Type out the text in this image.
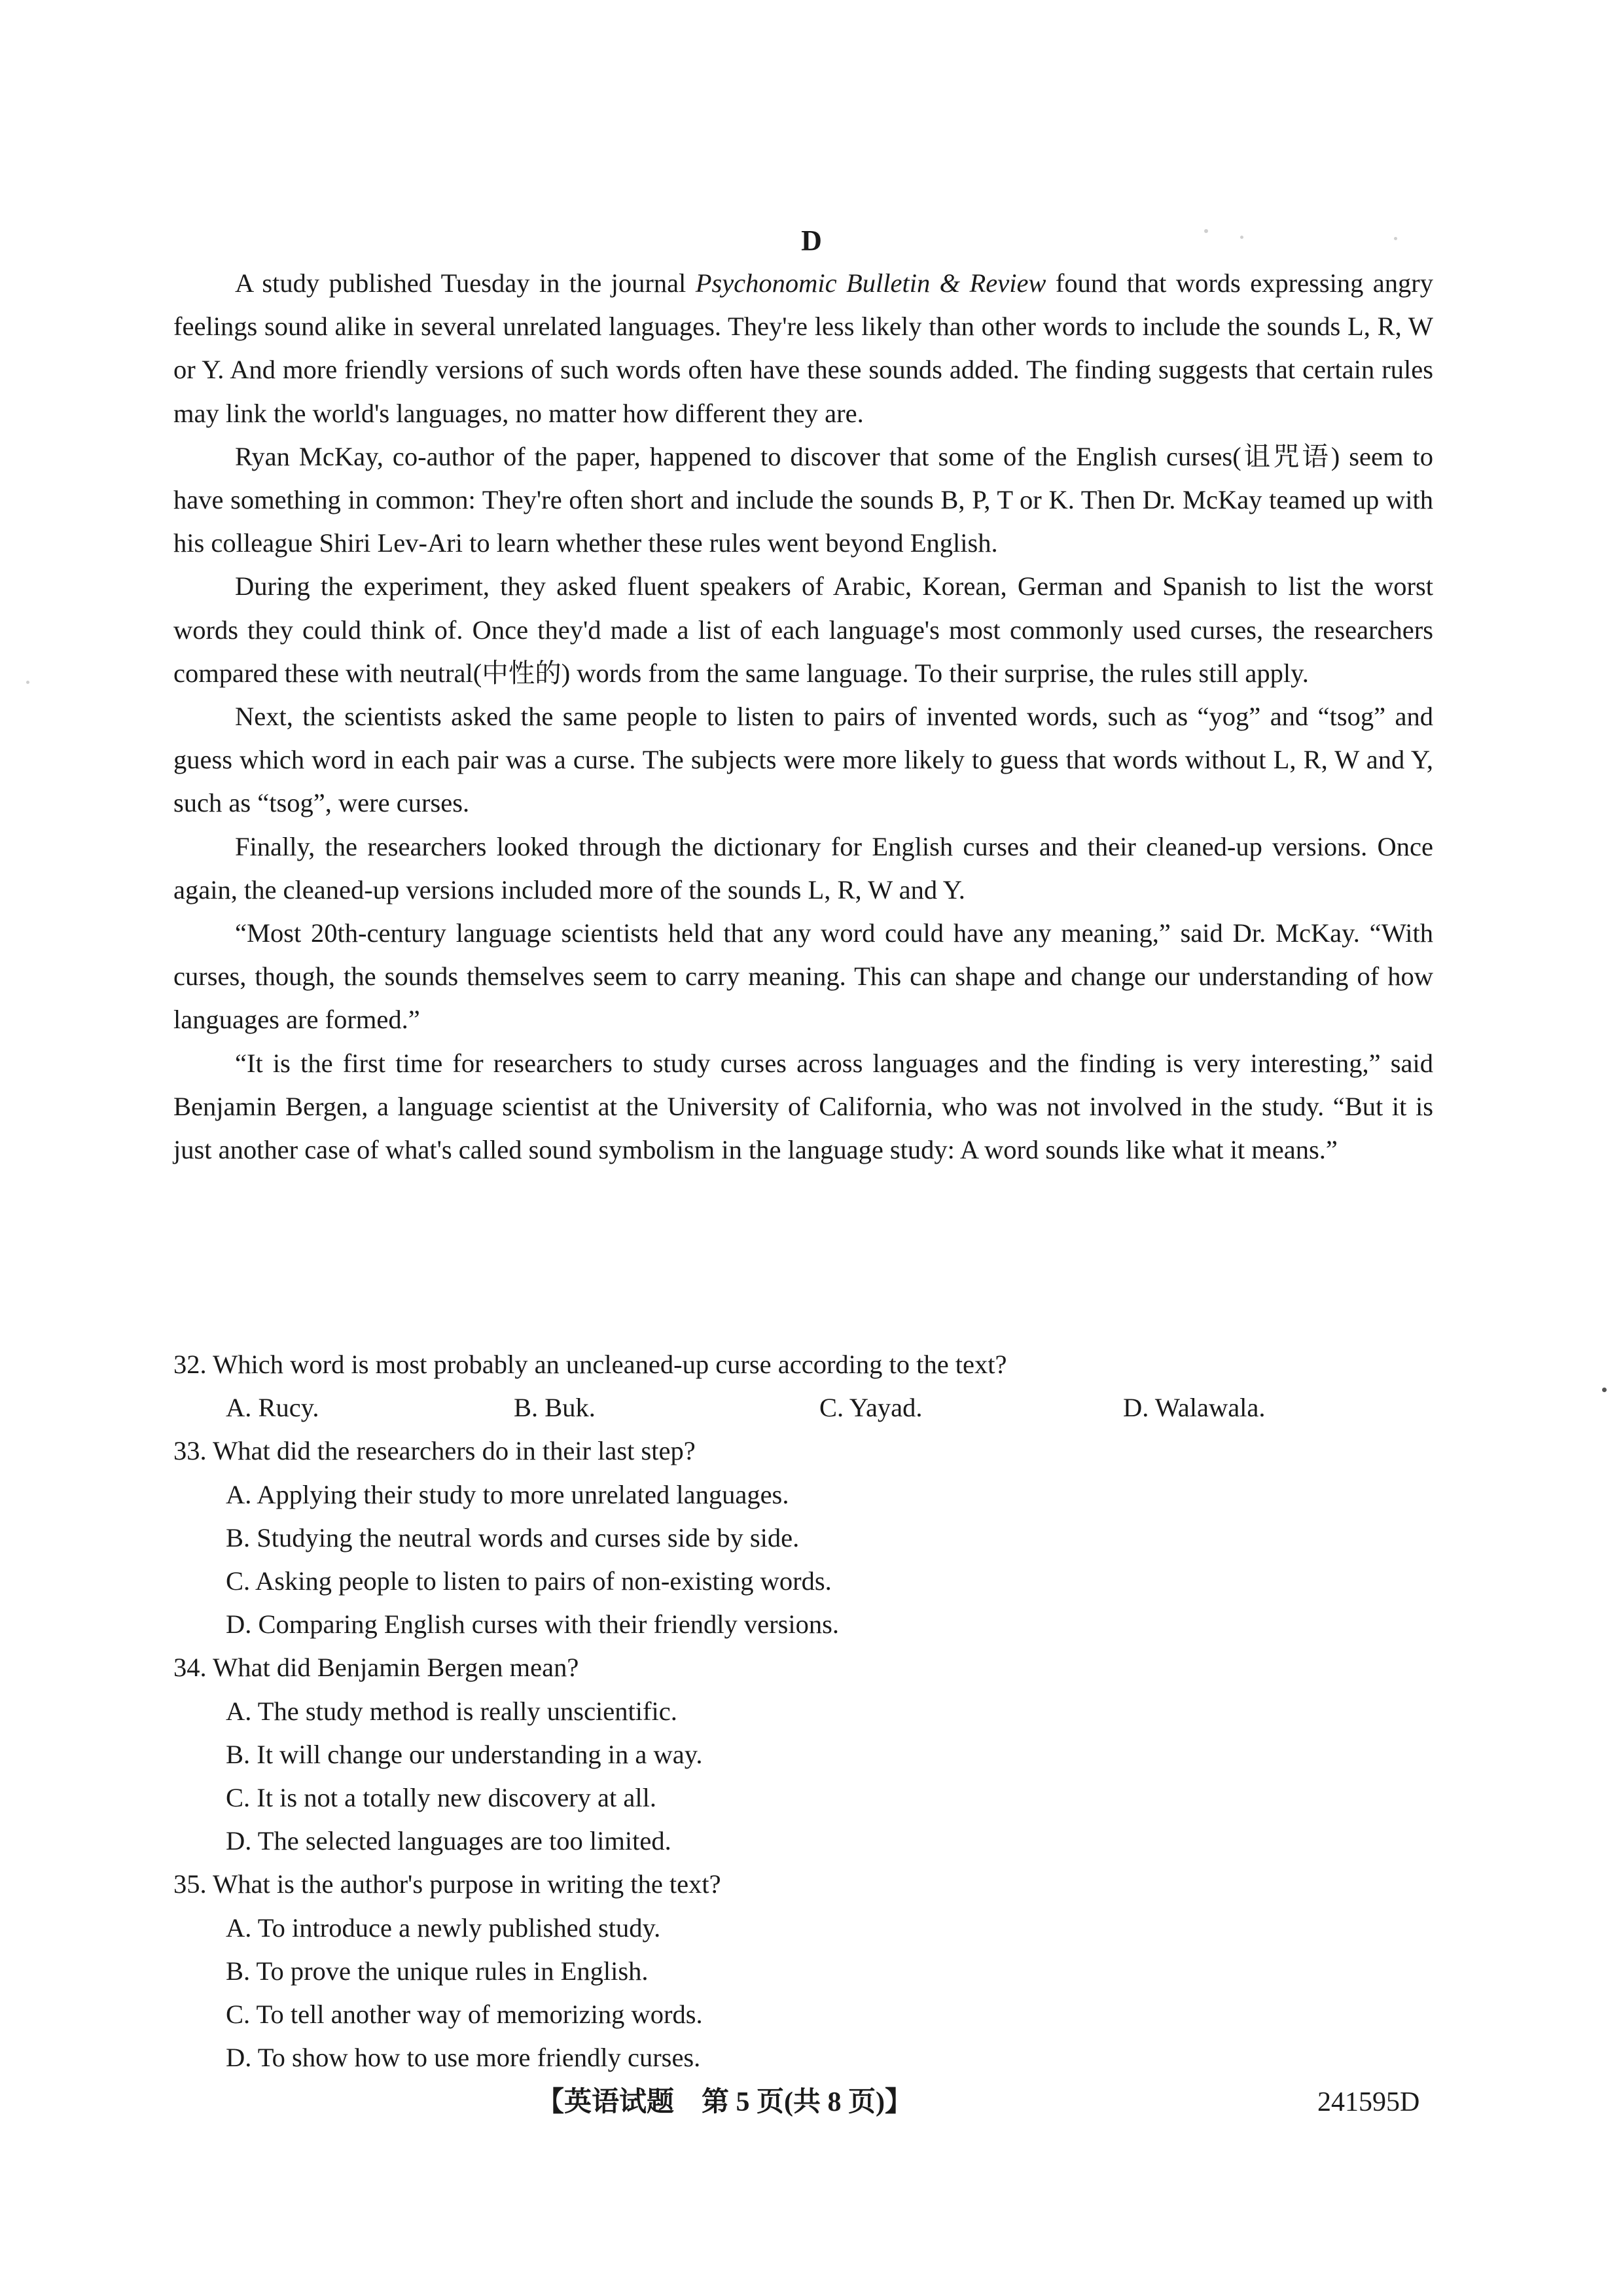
D

A study published Tuesday in the journal Psychonomic Bulletin & Review found that words expressing angry feelings sound alike in several unrelated languages. They're less likely than other words to include the sounds L, R, W or Y. And more friendly versions of such words often have these sounds added. The finding suggests that certain rules may link the world's languages, no matter how different they are.

Ryan McKay, co-author of the paper, happened to discover that some of the English curses(诅咒语) seem to have something in common: They're often short and include the sounds B, P, T or K. Then Dr. McKay teamed up with his colleague Shiri Lev-Ari to learn whether these rules went beyond English.

During the experiment, they asked fluent speakers of Arabic, Korean, German and Spanish to list the worst words they could think of. Once they'd made a list of each language's most commonly used curses, the researchers compared these with neutral(中性的) words from the same language. To their surprise, the rules still apply.

Next, the scientists asked the same people to listen to pairs of invented words, such as “yog” and “tsog” and guess which word in each pair was a curse. The subjects were more likely to guess that words without L, R, W and Y, such as “tsog”, were curses.

Finally, the researchers looked through the dictionary for English curses and their cleaned-up versions. Once again, the cleaned-up versions included more of the sounds L, R, W and Y.

“Most 20th-century language scientists held that any word could have any meaning,” said Dr. McKay. “With curses, though, the sounds themselves seem to carry meaning. This can shape and change our understanding of how languages are formed.”

“It is the first time for researchers to study curses across languages and the finding is very interesting,” said Benjamin Bergen, a language scientist at the University of California, who was not involved in the study. “But it is just another case of what's called sound symbolism in the language study: A word sounds like what it means.”

32. Which word is most probably an uncleaned-up curse according to the text?

A. Rucy.	B. Buk.	C. Yayad.	D. Walawala.

33. What did the researchers do in their last step?

A. Applying their study to more unrelated languages.

B. Studying the neutral words and curses side by side.

C. Asking people to listen to pairs of non-existing words.

D. Comparing English curses with their friendly versions.

34. What did Benjamin Bergen mean?

A. The study method is really unscientific.

B. It will change our understanding in a way.

C. It is not a totally new discovery at all.

D. The selected languages are too limited.

35. What is the author's purpose in writing the text?

A. To introduce a newly published study.

B. To prove the unique rules in English.

C. To tell another way of memorizing words.

D. To show how to use more friendly curses.

【英语试题　第 5 页(共 8 页)】	241595D
